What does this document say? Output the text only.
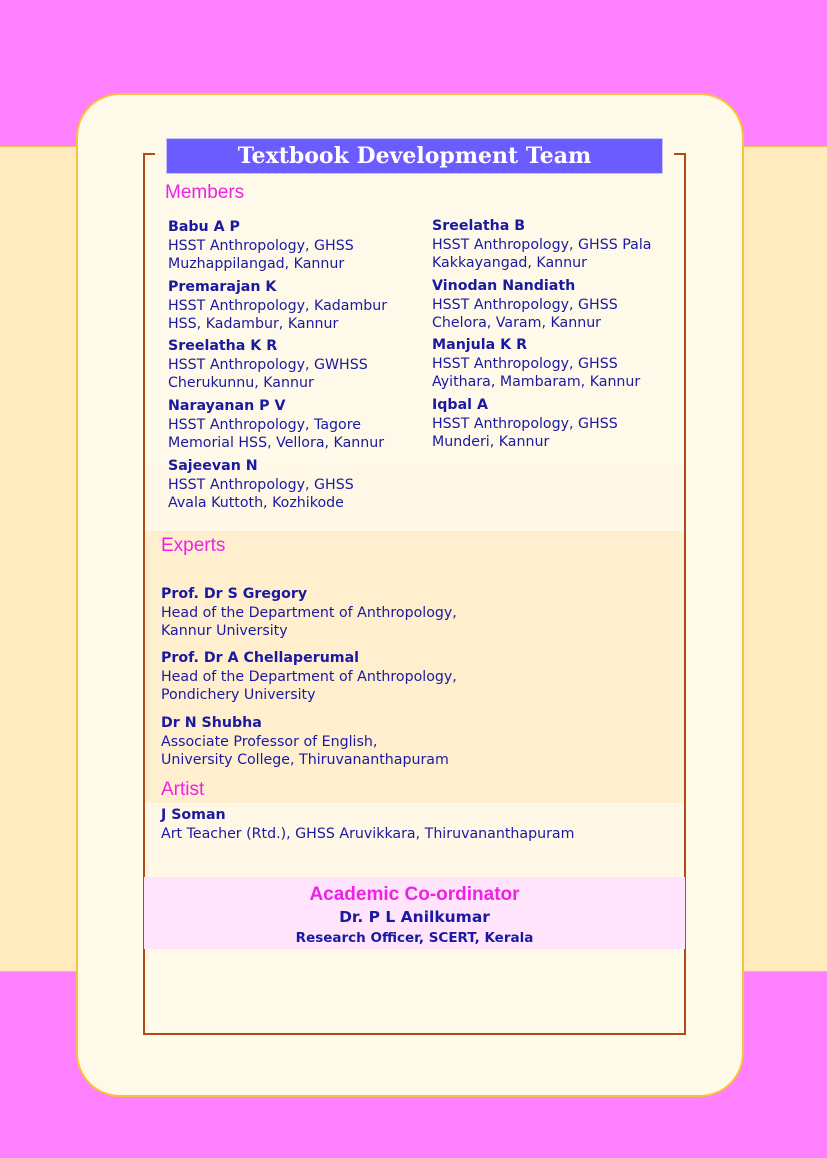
Textbook Development Team
Members
Babu A P
HSST Anthropology, GHSS
Muzhappilangad, Kannur
Premarajan K
HSST Anthropology, Kadambur
HSS, Kadambur, Kannur
Sreelatha K R
HSST Anthropology, GWHSS
Cherukunnu, Kannur
Narayanan P V
HSST Anthropology, Tagore
Memorial HSS, Vellora, Kannur
Sajeevan N
HSST Anthropology, GHSS
Avala Kuttoth, Kozhikode
Sreelatha B
HSST Anthropology, GHSS Pala
Kakkayangad, Kannur
Vinodan Nandiath
HSST Anthropology, GHSS
Chelora, Varam, Kannur
Manjula K R
HSST Anthropology, GHSS
Ayithara, Mambaram, Kannur
Iqbal A
HSST Anthropology, GHSS
Munderi, Kannur
Experts
Prof. Dr S Gregory
Head of the Department of Anthropology,
Kannur University
Prof. Dr A Chellaperumal
Head of the Department of Anthropology,
Pondichery University
Dr N Shubha
Associate Professor of English,
University College, Thiruvananthapuram
Artist
J Soman
Art Teacher (Rtd.), GHSS Aruvikkara, Thiruvananthapuram
Academic Co-ordinator
Dr. P L Anilkumar
Research Officer, SCERT, Kerala
